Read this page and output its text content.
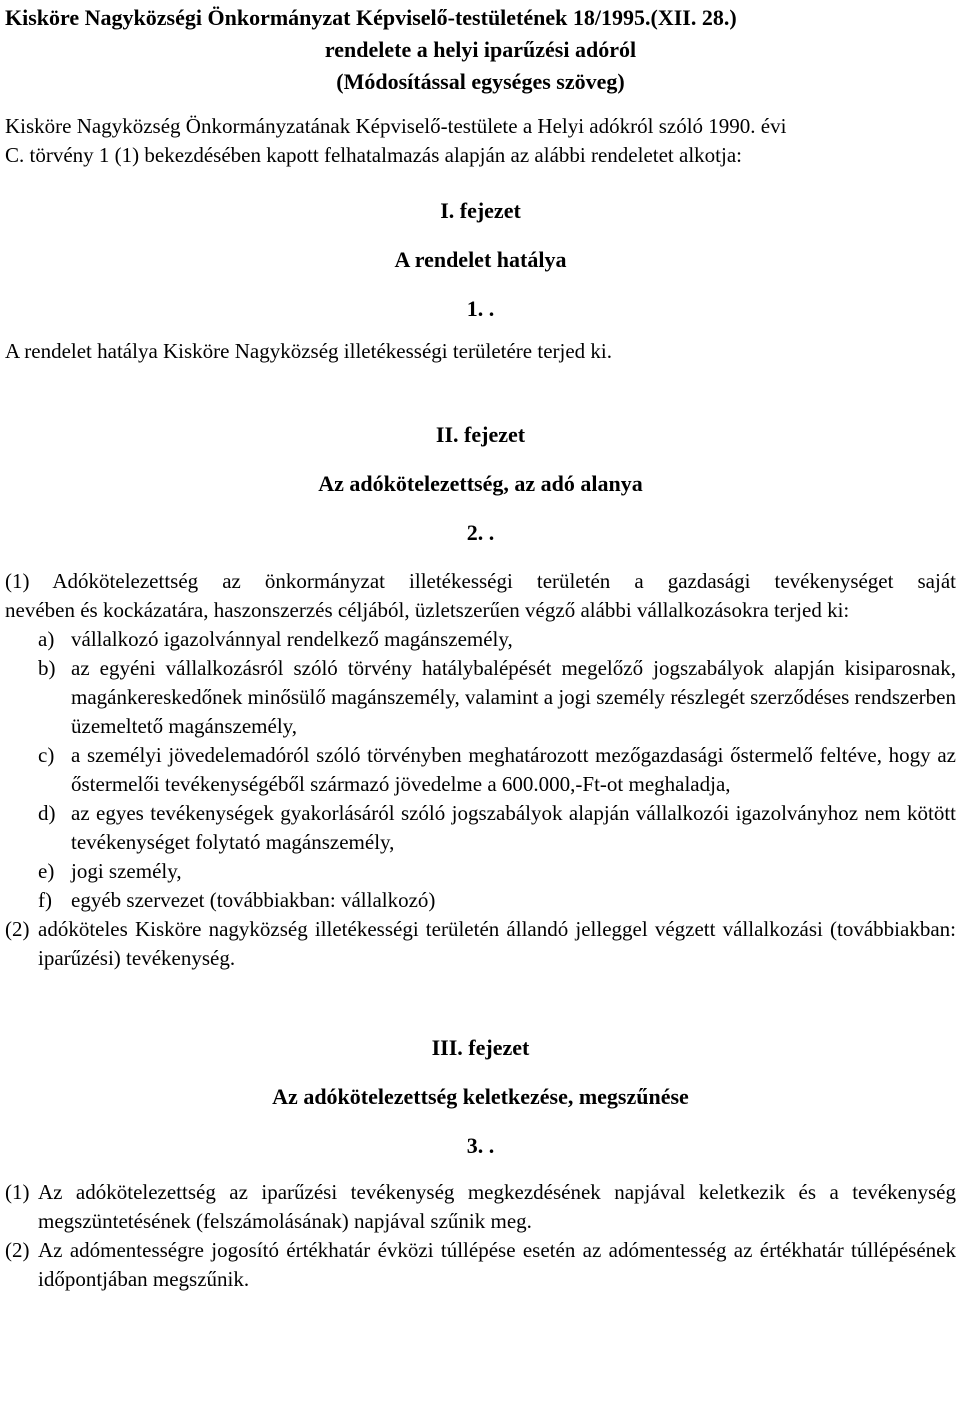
Kisköre Nagyközségi Önkormányzat Képviselő-testületének 18/1995.(XII. 28.)
rendelete a helyi iparűzési adóról
(Módosítással egységes szöveg)

Kisköre Nagyközség Önkormányzatának Képviselő-testülete a Helyi adókról szóló 1990. évi

C. törvény 1 (1) bekezdésében kapott felhatalmazás alapján az alábbi rendeletet alkotja:

I. fejezet
A rendelet hatálya
1. .

A rendelet hatálya Kisköre Nagyközség illetékességi területére terjed ki.

II. fejezet
Az adókötelezettség, az adó alanya
2. .

(1) Adókötelezettség az önkormányzat illetékességi területén a gazdasági tevékenységet saját

nevében és kockázatára, haszonszerzés céljából, üzletszerűen végző alábbi vállalkozásokra terjed ki:

a) vállalkozó igazolvánnyal rendelkező magánszemély,
b) az egyéni vállalkozásról szóló törvény hatálybalépését megelőző jogszabályok alapján kisiparosnak, magánkereskedőnek minősülő magánszemély, valamint a jogi személy részlegét szerződéses rendszerben üzemeltető magánszemély,
c) a személyi jövedelemadóról szóló törvényben meghatározott mezőgazdasági őstermelő feltéve, hogy az őstermelői tevékenységéből származó jövedelme a 600.000,-Ft-ot meghaladja,
d) az egyes tevékenységek gyakorlásáról szóló jogszabályok alapján vállalkozói igazolványhoz nem kötött tevékenységet folytató magánszemély,
e) jogi személy,
f) egyéb szervezet (továbbiakban: vállalkozó)
(2) adóköteles Kisköre nagyközség illetékességi területén állandó jelleggel végzett vállalkozási (továbbiakban: iparűzési) tevékenység.
III. fejezet
Az adókötelezettség keletkezése, megszűnése
3. .
(1) Az adókötelezettség az iparűzési tevékenység megkezdésének napjával keletkezik és a tevékenység megszüntetésének (felszámolásának) napjával szűnik meg.
(2) Az adómentességre jogosító értékhatár évközi túllépése esetén az adómentesség az értékhatár túllépésének időpontjában megszűnik.
